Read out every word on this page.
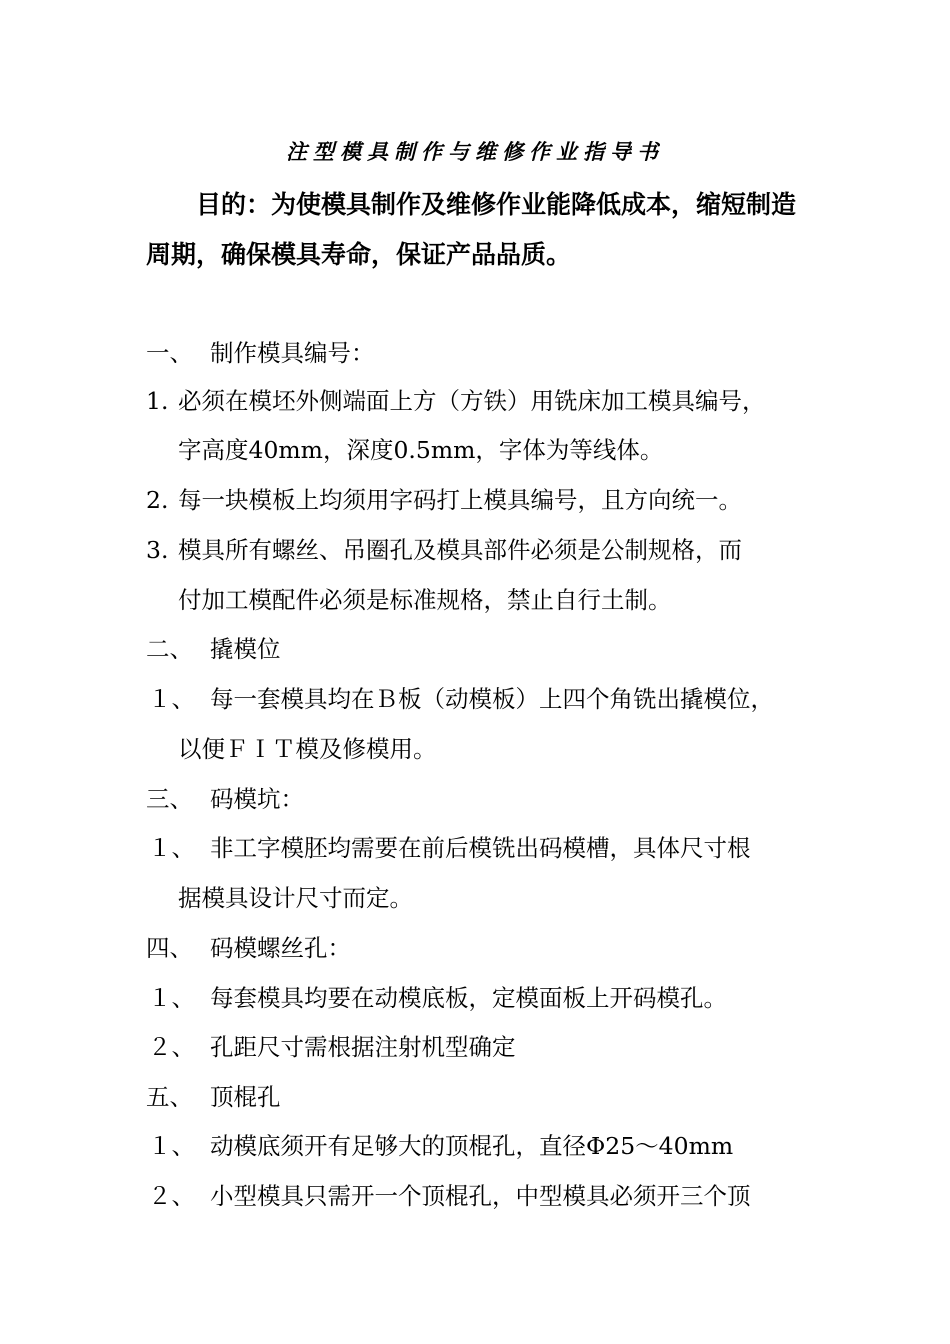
注型模具制作与维修作业指导书
目的：为使模具制作及维修作业能降低成本，缩短制造周期，确保模具寿命，保证产品品质。
一、 制作模具编号：
1. 必须在模坯外侧端面上方（方铁）用铣床加工模具编号，
字高度40mm，深度0.5mm，字体为等线体。
2. 每一块模板上均须用字码打上模具编号，且方向统一。
3. 模具所有螺丝、吊圈孔及模具部件必须是公制规格，而
付加工模配件必须是标准规格，禁止自行土制。
二、 撬模位
１、 每一套模具均在Ｂ板（动模板）上四个角铣出撬模位，
以便ＦＩＴ模及修模用。
三、 码模坑：
１、 非工字模胚均需要在前后模铣出码模槽，具体尺寸根
据模具设计尺寸而定。
四、 码模螺丝孔：
１、 每套模具均要在动模底板，定模面板上开码模孔。
２、 孔距尺寸需根据注射机型确定
五、 顶棍孔
１、 动模底须开有足够大的顶棍孔，直径Φ25～40mm
２、 小型模具只需开一个顶棍孔，中型模具必须开三个顶
